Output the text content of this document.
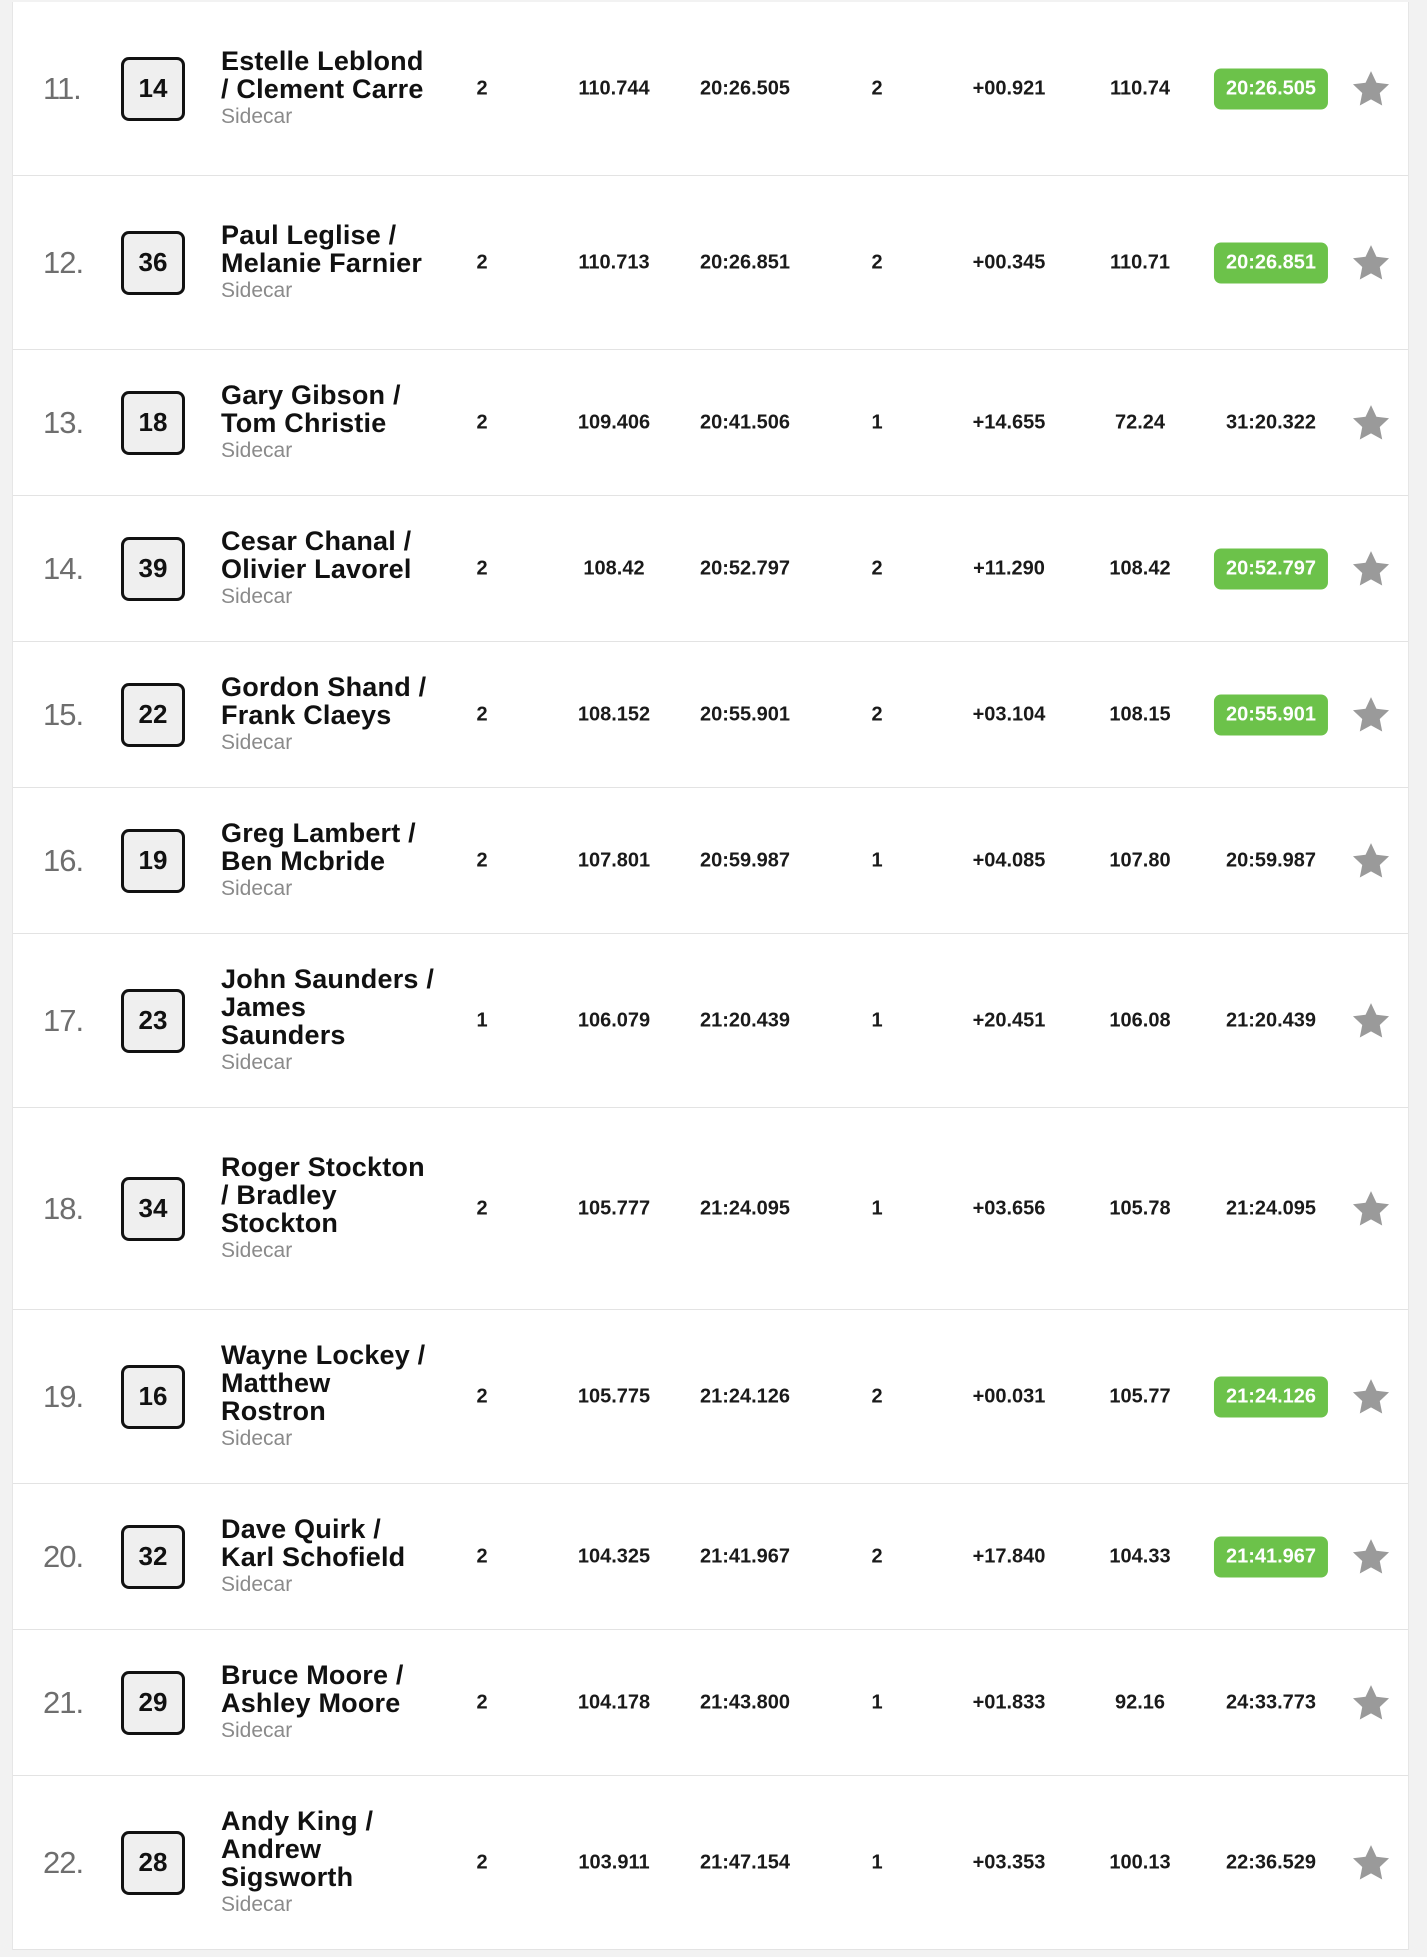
11. 14
Estelle Leblond / Clement Carre
Sidecar
2	110.744	20:26.505	2	+00.921	110.74	20:26.505
12. 36
Paul Leglise / Melanie Farnier
Sidecar
2	110.713	20:26.851	2	+00.345	110.71	20:26.851
13. 18
Gary Gibson / Tom Christie
Sidecar
2	109.406 20:41.506	1	+14.655	72.24	31:20.322
14. 39
Cesar Chanal / Olivier Lavorel
Sidecar
2	108.42	20:52.797	2	+11.290	108.42	20:52.797
15. 22
Gordon Shand / Frank Claeys
Sidecar
2	108.152 20:55.901	2	+03.104	108.15	20:55.901
16. 19
Greg Lambert / Ben Mcbride
Sidecar
2	107.801 20:59.987	1	+04.085	107.80	20:59.987
17. 23
John Saunders / James Saunders
Sidecar
1	106.079 21:20.439	1	+20.451	106.08	21:20.439
18. 34
Roger Stockton / Bradley Stockton
Sidecar
2	105.777 21:24.095	1	+03.656	105.78	21:24.095
19. 16
Wayne Lockey / Matthew Rostron
Sidecar
2	105.775 21:24.126	2	+00.031	105.77	21:24.126
20. 32
Dave Quirk / Karl Schofield
Sidecar
2	104.325 21:41.967	2	+17.840	104.33	21:41.967
21. 29
Bruce Moore / Ashley Moore
Sidecar
2	104.178 21:43.800	1	+01.833	92.16	24:33.773
22. 28
Andy King / Andrew Sigsworth
Sidecar
2	103.911	21:47.154	1	+03.353	100.13	22:36.529
